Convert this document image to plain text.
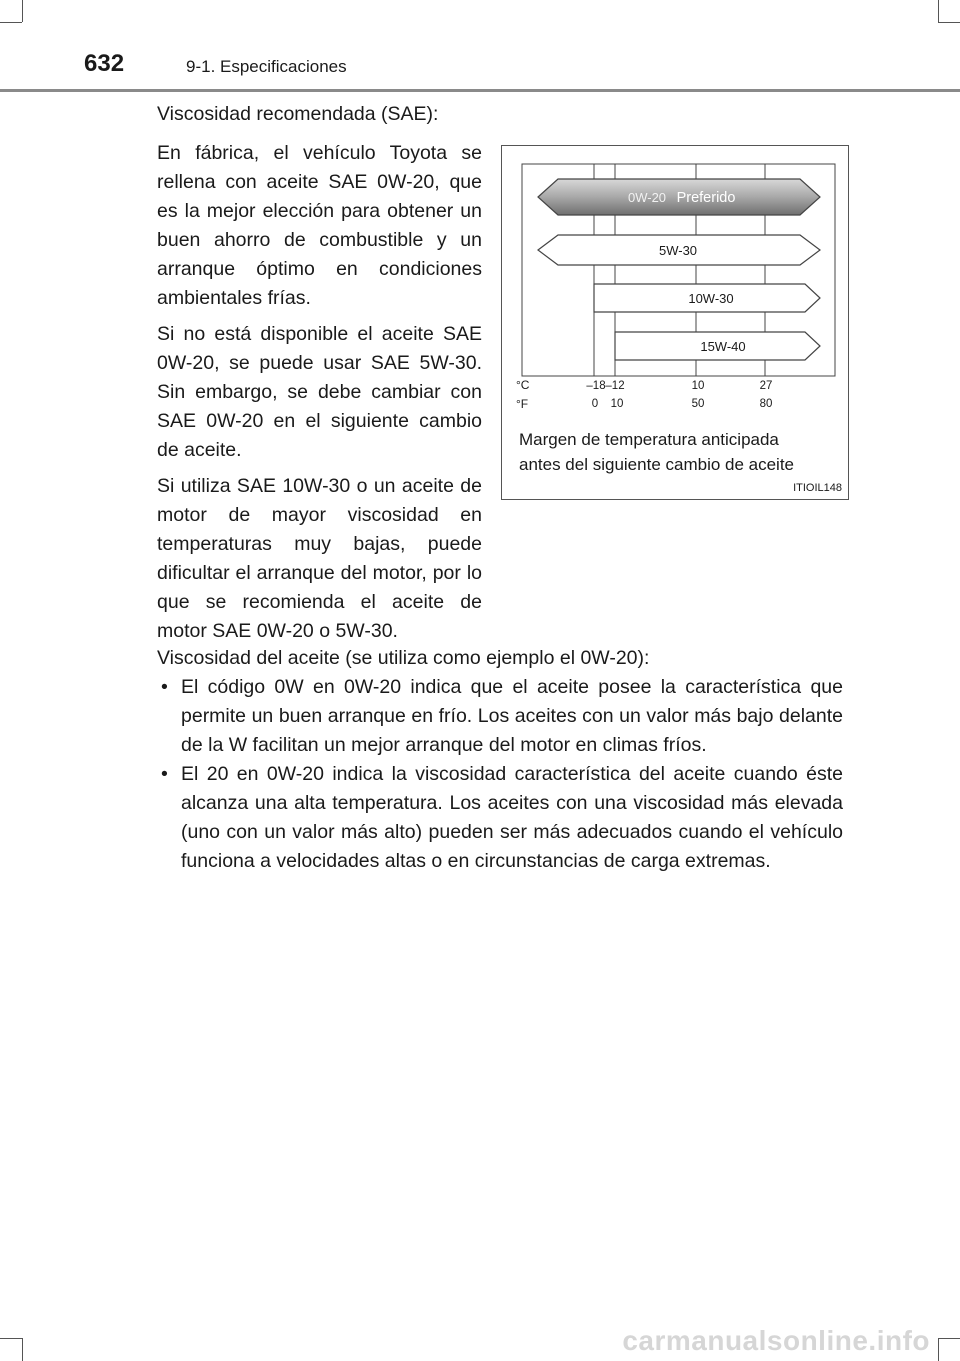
632	9-1. Especificaciones
Viscosidad recomendada (SAE):

En fábrica, el vehículo Toyota se rellena con aceite SAE 0W-20, que es la mejor elección para obtener un buen ahorro de combustible y un arranque óptimo en condiciones ambientales frías.

Si no está disponible el aceite SAE 0W-20, se puede usar SAE 5W-30. Sin embargo, se debe cambiar con SAE 0W-20 en el siguiente cambio de aceite.

Si utiliza SAE 10W-30 o un aceite de motor de mayor viscosidad en temperaturas muy bajas, puede dificultar el arranque del motor, por lo que se recomienda el aceite de motor SAE 0W-20 o 5W-30.

0W-20 Preferido
5W-30
10W-30
15W-40
°C
°F
–18 –12	10	27
0 10	50	80
Margen de temperatura anticipada
antes del siguiente cambio de aceite
ITIOIL148
Viscosidad del aceite (se utiliza como ejemplo el 0W-20):
• El código 0W en 0W-20 indica que el aceite posee la característica que permite un buen arranque en frío. Los aceites con un valor más bajo delante de la W facilitan un mejor arranque del motor en climas fríos.
• El 20 en 0W-20 indica la viscosidad característica del aceite cuando éste alcanza una alta temperatura. Los aceites con una viscosidad más elevada (uno con un valor más alto) pueden ser más adecuados cuando el vehículo funciona a velocidades altas o en circunstancias de carga extremas.
carmanualsonline.info
